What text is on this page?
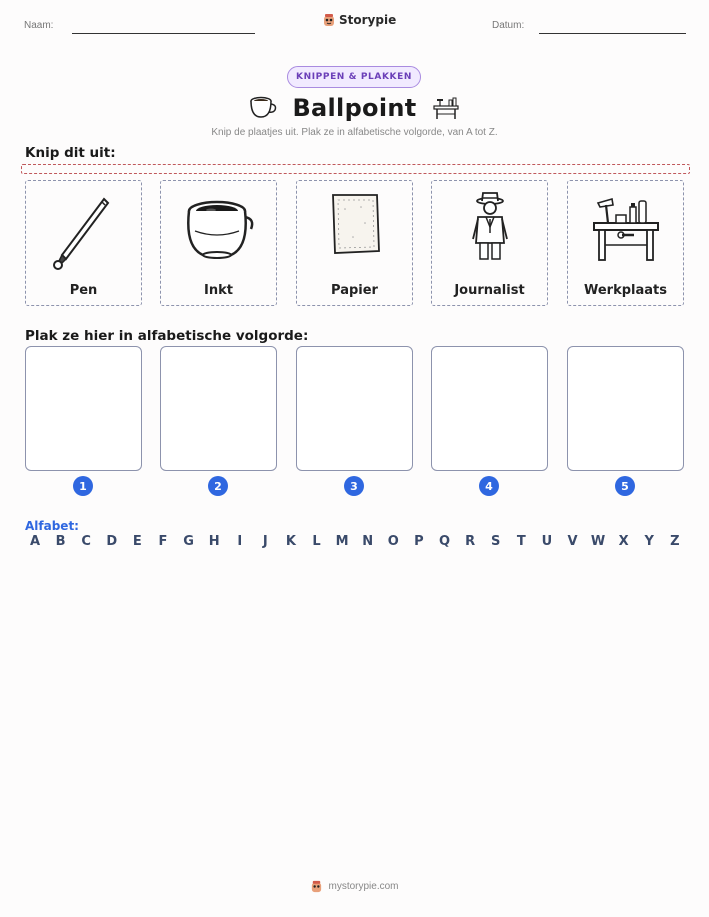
Naam:	Storypie	Datum:
KNIPPEN & PLAKKEN
Ballpoint
Knip de plaatjes uit. Plak ze in alfabetische volgorde, van A tot Z.
Knip dit uit:
Pen	Inkt	Papier	Journalist	Werkplaats
Plak ze hier in alfabetische volgorde:
1	2	3	4	5
Alfabet:
A	B	C	D	E	F	G	H	I	J	K	L	M	N	O	P	Q	R	S	T	U	V	W	X	Y	Z
mystorypie.com
